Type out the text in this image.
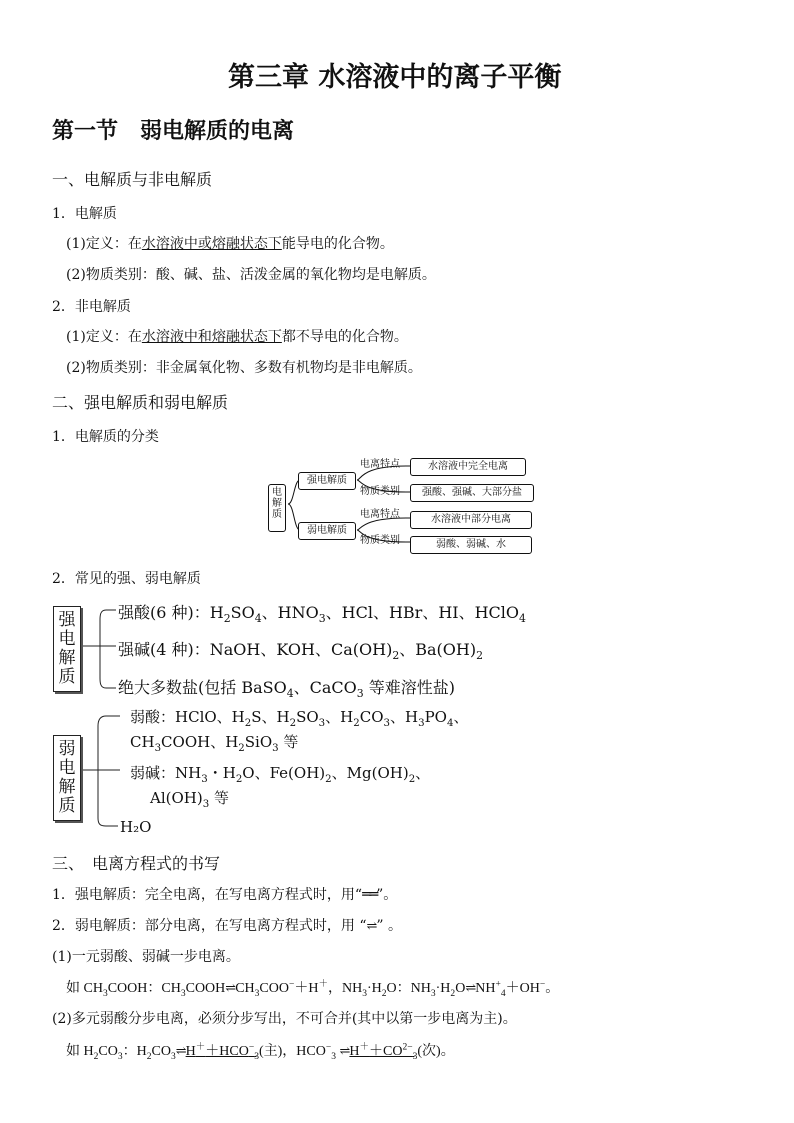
第三章 水溶液中的离子平衡
第一节　弱电解质的电离
一、电解质与非电解质
1．电解质
(1)定义：在水溶液中或熔融状态下能导电的化合物。
(2)物质类别：酸、碱、盐、活泼金属的氧化物均是电解质。
2．非电解质
(1)定义：在水溶液中和熔融状态下都不导电的化合物。
(2)物质类别：非金属氧化物、多数有机物均是非电解质。
二、强电解质和弱电解质
1．电解质的分类
电
解
质
强电解质
弱电解质
电离特点
物质类别
电离特点
物质类别
水溶液中完全电离
强酸、强碱、大部分盐
水溶液中部分电离
弱酸、弱碱、水
2．常见的强、弱电解质
强
电
解
质
强酸(6 种)：$H_2SO_4$、$HNO_3$、HCl、HBr、HI、HClO$_4$
强碱(4 种)：NaOH、KOH、$Ca(OH)_2$、$Ba(OH)_2$
绝大多数盐(包括 BaSO$_4$、CaCO$_3$ 等难溶性盐)
弱
电
解
质
弱酸：HClO、$H_2S$、$H_2SO_3$、$H_2CO_3$、$H_3PO_4$、
$CH_3COOH$、$H_2SiO_3$ 等
弱碱：$NH_3$・$H_2O$、$Fe(OH)_2$、$Mg(OH)_2$、
$Al(OH)_3$ 等
H₂O
三、　电离方程式的书写
1．强电解质：完全电离，在写电离方程式时，用“══”。
2．弱电解质：部分电离，在写电离方程式时，用 “⇌” 。
(1)一元弱酸、弱碱一步电离。
如 $CH_3COOH$：$CH_3COOH\rightleftharpoons CH_3COO^-+H^+$，$NH_3\cdot H_2O$：$NH_3\cdot H_2O\rightleftharpoons NH^+_4+OH^-$。
(2)多元弱酸分步电离，必须分步写出，不可合并(其中以第一步电离为主)。
如 $H_2CO_3$：$H_2CO_3\rightleftharpoons H^++HCO^-_3$(主)，$HCO^-_3$ $\rightleftharpoons H^++CO^{2-}_3$(次)。
